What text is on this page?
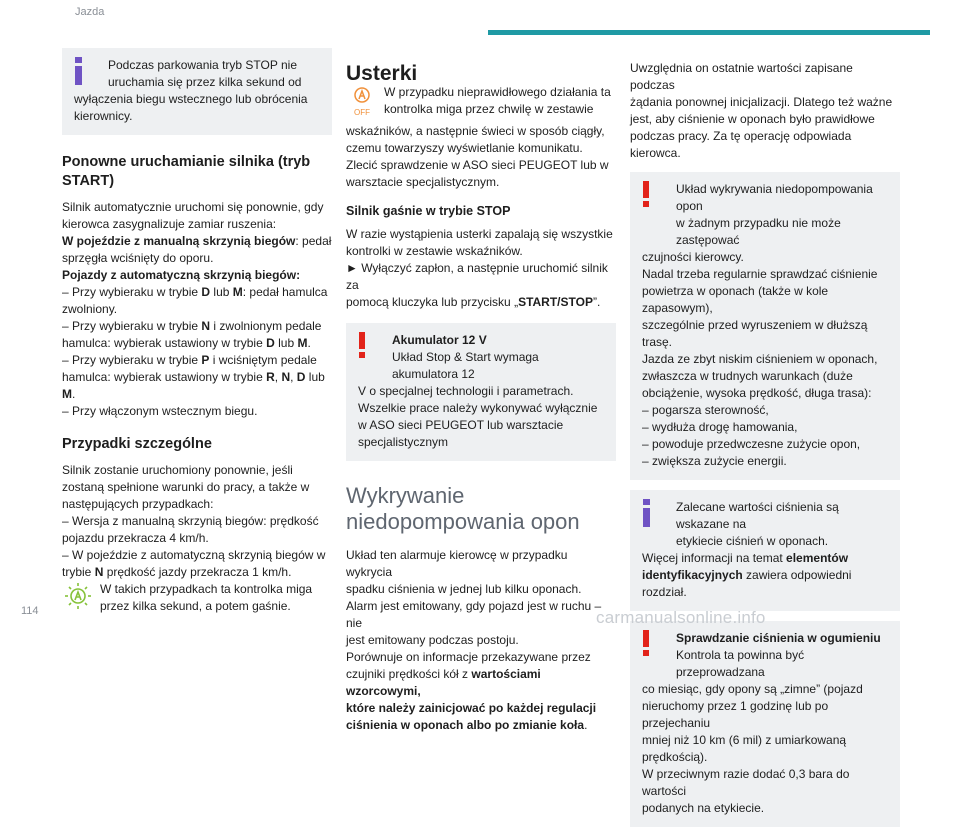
Jazda

Podczas parkowania tryb STOP nie

uruchamia się przez kilka sekund od

wyłączenia biegu wstecznego lub obrócenia

kierownicy.

Ponowne uruchamianie silnika (tryb
START)

Silnik automatycznie uruchomi się ponownie, gdy

kierowca zasygnalizuje zamiar ruszenia:

W pojeździe z manualną skrzynią biegów: pedał

sprzęgła wciśnięty do oporu.

Pojazdy z automatyczną skrzynią biegów:

– Przy wybieraku w trybie D lub M: pedał hamulca

zwolniony.

– Przy wybieraku w trybie N i zwolnionym pedale

hamulca: wybierak ustawiony w trybie D lub M.

– Przy wybieraku w trybie P i wciśniętym pedale

hamulca: wybierak ustawiony w trybie R, N, D lub M.

– Przy włączonym wstecznym biegu.

Przypadki szczególne

Silnik zostanie uruchomiony ponownie, jeśli

zostaną spełnione warunki do pracy, a także w

następujących przypadkach:

– Wersja z manualną skrzynią biegów: prędkość

pojazdu przekracza 4 km/h.

– W pojeździe z automatyczną skrzynią biegów w

trybie N prędkość jazdy przekracza 1 km/h.

W takich przypadkach ta kontrolka miga

przez kilka sekund, a potem gaśnie.

Usterki
OFF

W przypadku nieprawidłowego działania ta

kontrolka miga przez chwilę w zestawie

wskaźników, a następnie świeci w sposób ciągły,

czemu towarzyszy wyświetlanie komunikatu.

Zlecić sprawdzenie w ASO sieci PEUGEOT lub w

warsztacie specjalistycznym.

Silnik gaśnie w trybie STOP

W razie wystąpienia usterki zapalają się wszystkie

kontrolki w zestawie wskaźników.

► Wyłączyć zapłon, a następnie uruchomić silnik za

pomocą kluczyka lub przycisku „START/STOP”.

Akumulator 12 V

Układ Stop & Start wymaga akumulatora 12

V o specjalnej technologii i parametrach.

Wszelkie prace należy wykonywać wyłącznie

w ASO sieci PEUGEOT lub warsztacie

specjalistycznym

Wykrywanie
niedopompowania opon

Układ ten alarmuje kierowcę w przypadku wykrycia

spadku ciśnienia w jednej lub kilku oponach.

Alarm jest emitowany, gdy pojazd jest w ruchu – nie

jest emitowany podczas postoju.

Porównuje on informacje przekazywane przez

czujniki prędkości kół z wartościami wzorcowymi,

które należy zainicjować po każdej regulacji

ciśnienia w oponach albo po zmianie koła.

Uwzględnia on ostatnie wartości zapisane podczas

żądania ponownej inicjalizacji. Dlatego też ważne

jest, aby ciśnienie w oponach było prawidłowe

podczas pracy. Za tę operację odpowiada kierowca.

Układ wykrywania niedopompowania opon

w żadnym przypadku nie może zastępować

czujności kierowcy.

Nadal trzeba regularnie sprawdzać ciśnienie

powietrza w oponach (także w kole zapasowym),

szczególnie przed wyruszeniem w dłuższą trasę.

Jazda ze zbyt niskim ciśnieniem w oponach,

zwłaszcza w trudnych warunkach (duże

obciążenie, wysoka prędkość, długa trasa):

– pogarsza sterowność,

– wydłuża drogę hamowania,

– powoduje przedwczesne zużycie opon,

– zwiększa zużycie energii.

Zalecane wartości ciśnienia są wskazane na

etykiecie ciśnień w oponach.

Więcej informacji na temat elementów

identyfikacyjnych zawiera odpowiedni rozdział.

Sprawdzanie ciśnienia w ogumieniu

Kontrola ta powinna być przeprowadzana

co miesiąc, gdy opony są „zimne” (pojazd

nieruchomy przez 1 godzinę lub po przejechaniu

mniej niż 10 km (6 mil) z umiarkowaną

prędkością).

W przeciwnym razie dodać 0,3 bara do wartości

podanych na etykiecie.

114	carmanualsonline.info
